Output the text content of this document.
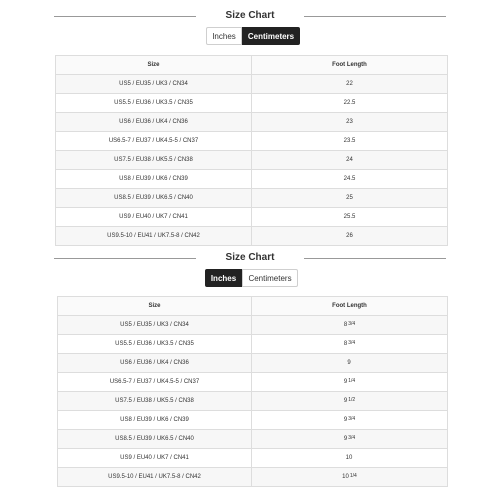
Size Chart
Inches	Centimeters
Size	Foot Length
US5 / EU35 / UK3 / CN34	22
US5.5 / EU36 / UK3.5 / CN35	22.5
US6 / EU36 / UK4 / CN36	23
US6.5-7 / EU37 / UK4.5-5 / CN37	23.5
US7.5 / EU38 / UK5.5 / CN38	24
US8 / EU39 / UK6 / CN39	24.5
US8.5 / EU39 / UK6.5 / CN40	25
US9 / EU40 / UK7 / CN41	25.5
US9.5-10 / EU41 / UK7.5-8 / CN42	26
Size Chart
Inches	Centimeters
Size	Foot Length
US5 / EU35 / UK3 / CN34	83/4
US5.5 / EU36 / UK3.5 / CN35	83/4
US6 / EU36 / UK4 / CN36	9
US6.5-7 / EU37 / UK4.5-5 / CN37	91/4
US7.5 / EU38 / UK5.5 / CN38	91/2
US8 / EU39 / UK6 / CN39	93/4
US8.5 / EU39 / UK6.5 / CN40	93/4
US9 / EU40 / UK7 / CN41	10
US9.5-10 / EU41 / UK7.5-8 / CN42	101/4
